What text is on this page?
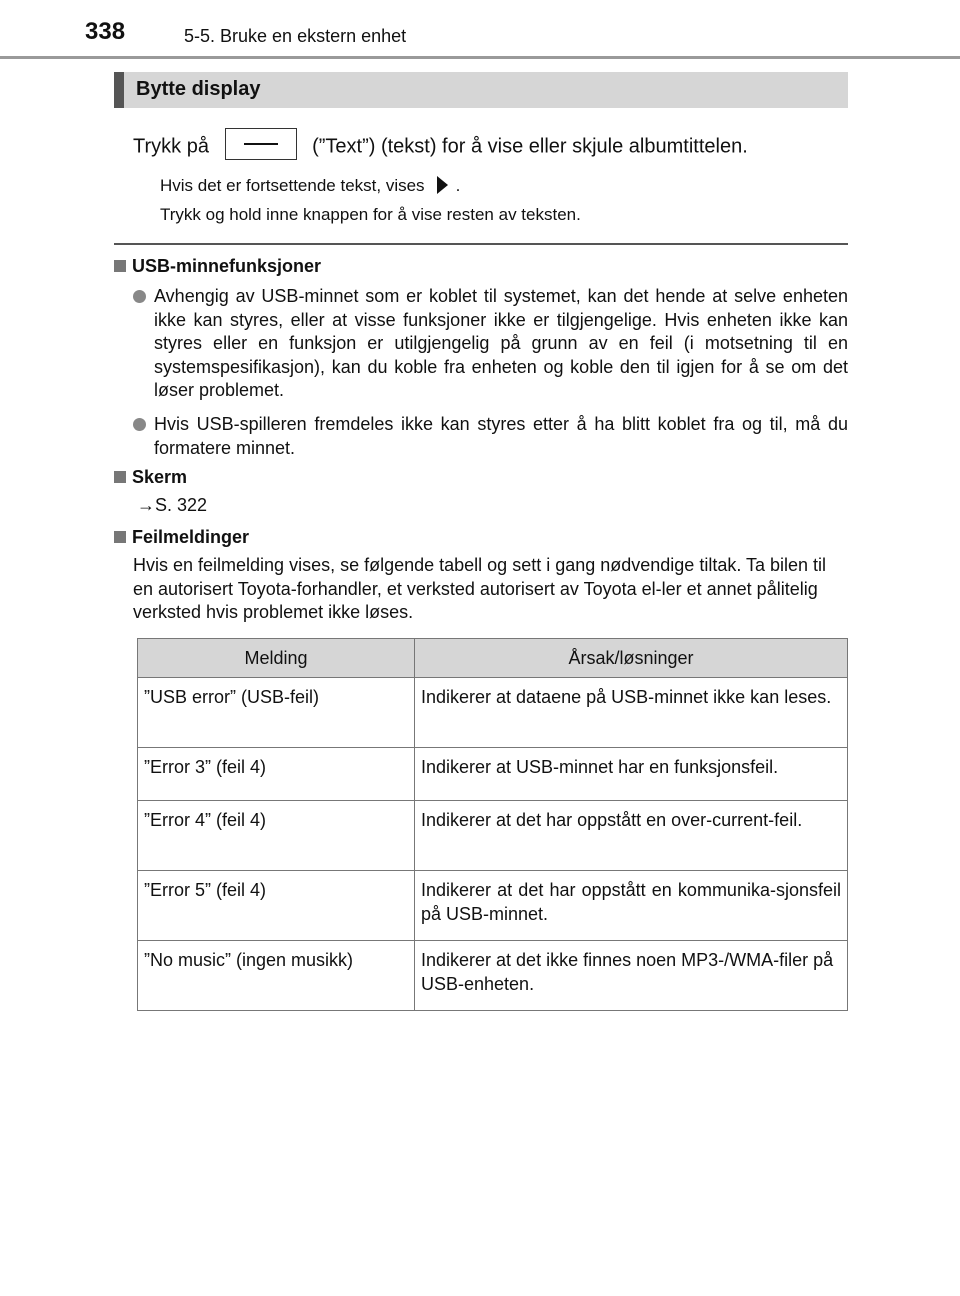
338	5-5. Bruke en ekstern enhet
Bytte display
Trykk på	(”Text”) (tekst) for å vise eller skjule albumtittelen.
Hvis det er fortsettende tekst, vises .
Trykk og hold inne knappen for å vise resten av teksten.
USB-minnefunksjoner
Avhengig av USB-minnet som er koblet til systemet, kan det hende at selve enheten ikke kan styres, eller at visse funksjoner ikke er tilgjengelige. Hvis enheten ikke kan styres eller en funksjon er utilgjengelig på grunn av en feil (i motsetning til en systemspesifikasjon), kan du koble fra enheten og koble den til igjen for å se om det løser problemet.
Hvis USB-spilleren fremdeles ikke kan styres etter å ha blitt koblet fra og til, må du formatere minnet.
Skerm
→S. 322
Feilmeldinger
Hvis en feilmelding vises, se følgende tabell og sett i gang nødvendige tiltak. Ta bilen til en autorisert Toyota-forhandler, et verksted autorisert av Toyota el-ler et annet pålitelig verksted hvis problemet ikke løses.
Melding	Årsak/løsninger
”USB error” (USB-feil)	Indikerer at dataene på USB-minnet ikke kan leses.
”Error 3” (feil 4)	Indikerer at USB-minnet har en funksjonsfeil.
”Error 4” (feil 4)	Indikerer at det har oppstått en over-current-feil.
”Error 5” (feil 4)	Indikerer at det har oppstått en kommunika-sjonsfeil på USB-minnet.
”No music” (ingen musikk)	Indikerer at det ikke finnes noen MP3-/WMA-filer på USB-enheten.
